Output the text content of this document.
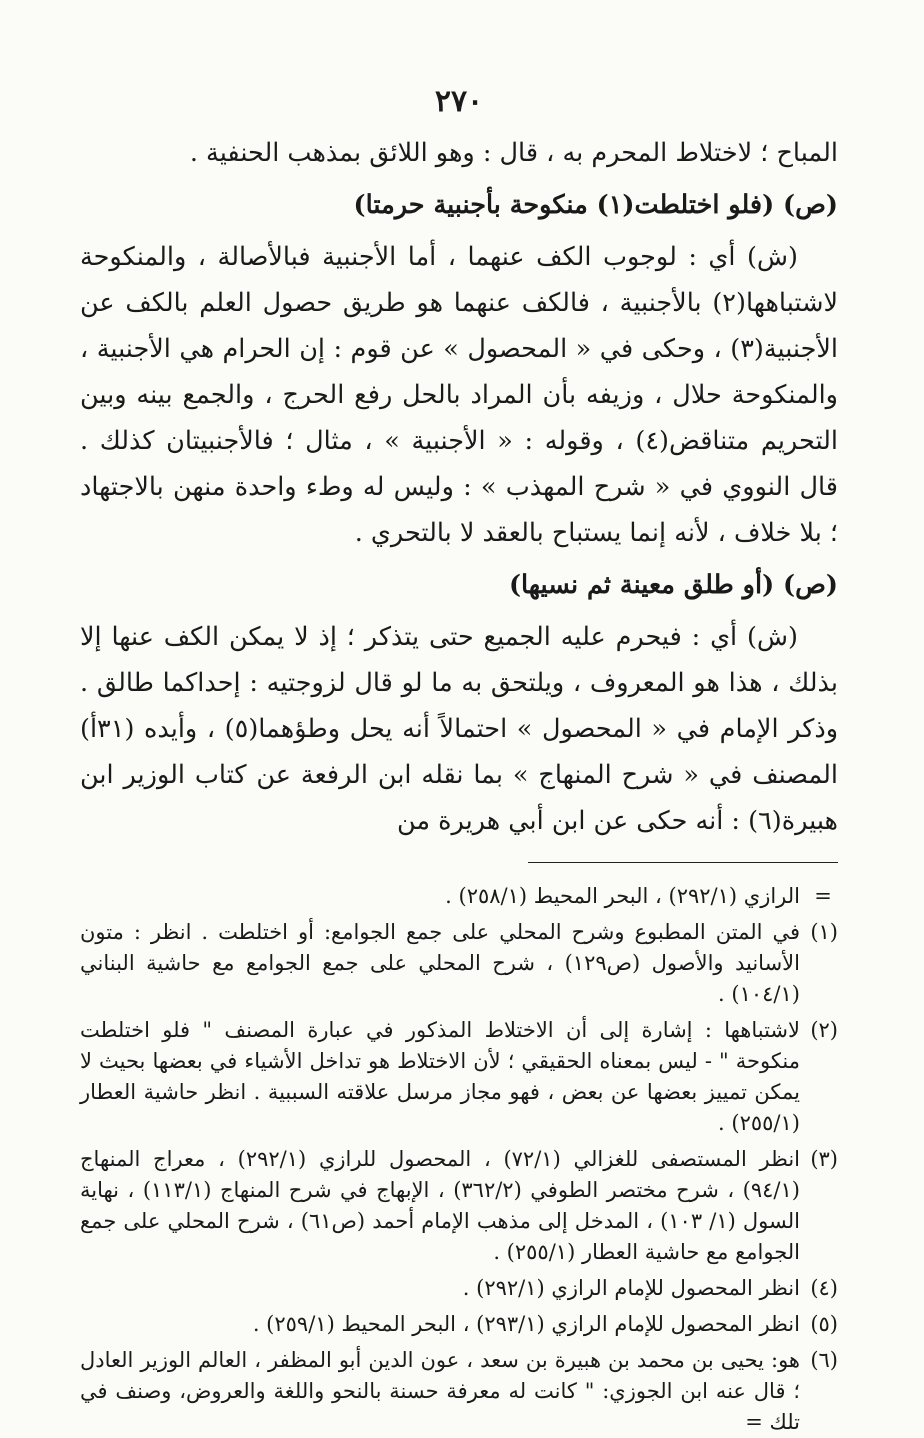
٢٧٠

المباح ؛ لاختلاط المحرم به ، قال : وهو اللائق بمذهب الحنفية .

(ص) (فلو اختلطت(١) منكوحة بأجنبية حرمتا)

(ش) أي : لوجوب الكف عنهما ، أما الأجنبية فبالأصالة ، والمنكوحة لاشتباهها(٢) بالأجنبية ، فالكف عنهما هو طريق حصول العلم بالكف عن الأجنبية(٣) ، وحكى في « المحصول » عن قوم : إن الحرام هي الأجنبية ، والمنكوحة حلال ، وزيفه بأن المراد بالحل رفع الحرج ، والجمع بينه وبين التحريم متناقض(٤) ، وقوله : « الأجنبية » ، مثال ؛ فالأجنبيتان كذلك . قال النووي في « شرح المهذب » : وليس له وطء واحدة منهن بالاجتهاد ؛ بلا خلاف ، لأنه إنما يستباح بالعقد لا بالتحري .

(ص) (أو طلق معينة ثم نسيها)

(ش) أي : فيحرم عليه الجميع حتى يتذكر ؛ إذ لا يمكن الكف عنها إلا بذلك ، هذا هو المعروف ، ويلتحق به ما لو قال لزوجتيه : إحداكما طالق . وذكر الإمام في « المحصول » احتمالاً أنه يحل وطؤهما(٥) ، وأيده (٣١أ) المصنف في « شرح المنهاج » بما نقله ابن الرفعة عن كتاب الوزير ابن هبيرة(٦) : أنه حكى عن ابن أبي هريرة من

=
الرازي (٢٩٢/١) ، البحر المحيط (٢٥٨/١) .
(١)
في المتن المطبوع وشرح المحلي على جمع الجوامع: أو اختلطت . انظر : متون الأسانيد والأصول (ص١٢٩) ، شرح المحلي على جمع الجوامع مع حاشية البناني (١٠٤/١) .
(٢)
لاشتباهها : إشارة إلى أن الاختلاط المذكور في عبارة المصنف " فلو اختلطت منكوحة " - ليس بمعناه الحقيقي ؛ لأن الاختلاط هو تداخل الأشياء في بعضها بحيث لا يمكن تمييز بعضها عن بعض ، فهو مجاز مرسل علاقته السببية . انظر حاشية العطار (٢٥٥/١) .
(٣)
انظر المستصفى للغزالي (٧٢/١) ، المحصول للرازي (٢٩٢/١) ، معراج المنهاج (٩٤/١) ، شرح مختصر الطوفي (٣٦٢/٢) ، الإبهاج في شرح المنهاج (١١٣/١) ، نهاية السول (١/ ١٠٣) ، المدخل إلى مذهب الإمام أحمد (ص٦١) ، شرح المحلي على جمع الجوامع مع حاشية العطار (٢٥٥/١) .
(٤)
انظر المحصول للإمام الرازي (٢٩٢/١) .
(٥)
انظر المحصول للإمام الرازي (٢٩٣/١) ، البحر المحيط (٢٥٩/١) .
(٦)
هو: يحيى بن محمد بن هبيرة بن سعد ، عون الدين أبو المظفر ، العالم الوزير العادل ؛ قال عنه ابن الجوزي: " كانت له معرفة حسنة بالنحو واللغة والعروض، وصنف في تلك =
